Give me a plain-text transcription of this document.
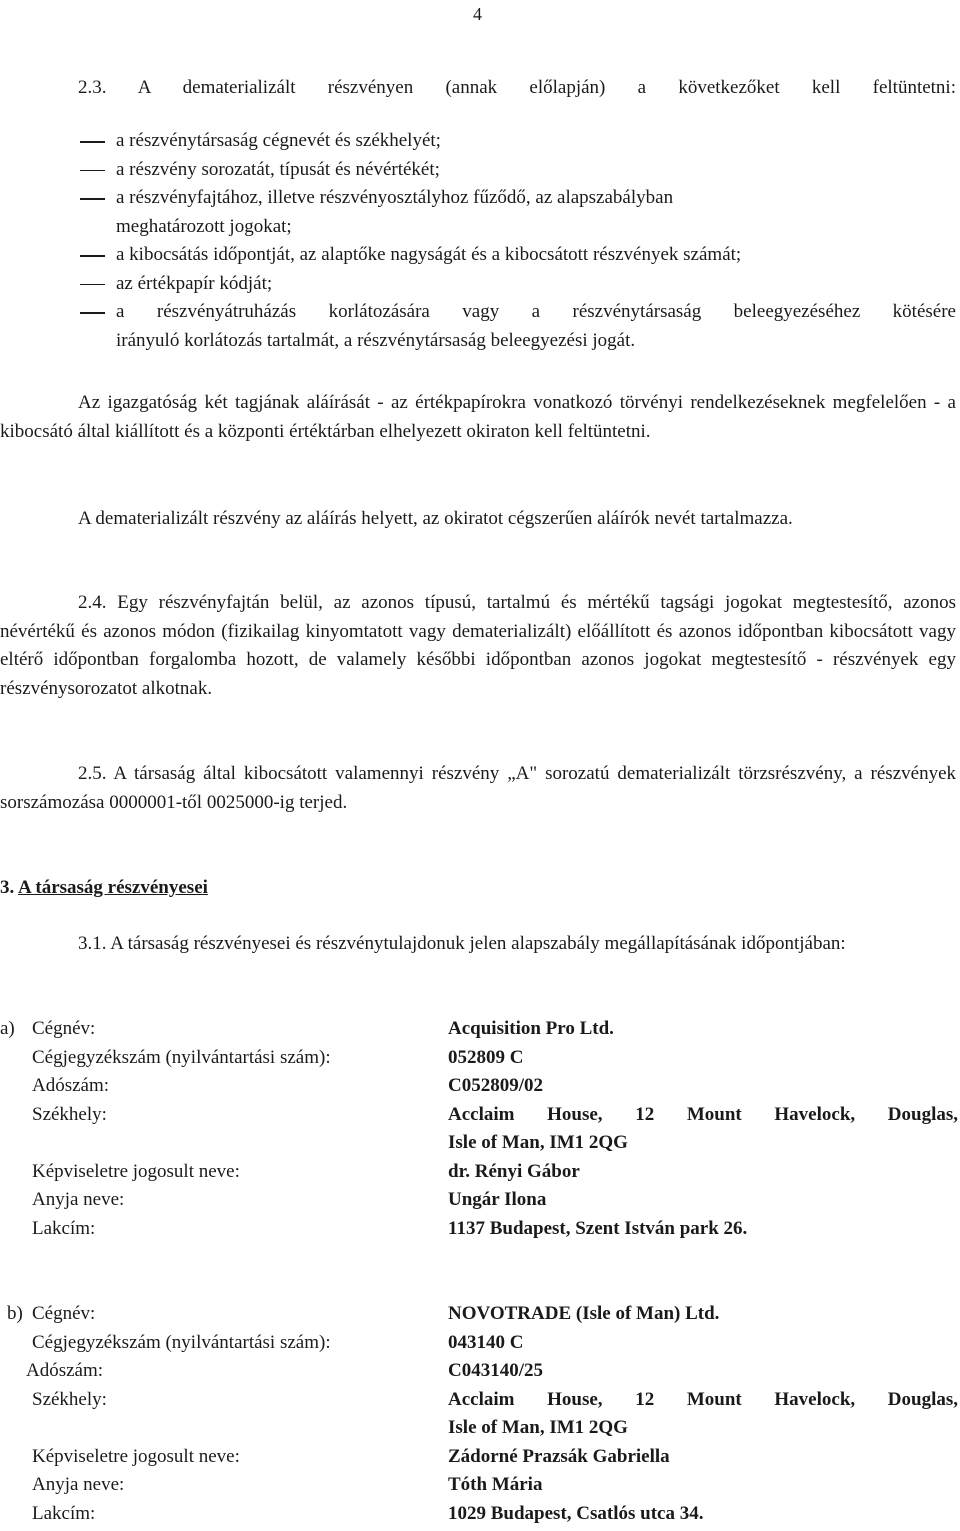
4
2.3. A dematerializált részvényen (annak előlapján) a következőket kell feltüntetni:
a részvénytársaság cégnevét és székhelyét;
a részvény sorozatát, típusát és névértékét;
a részvényfajtához, illetve részvényosztályhoz fűződő, az alapszabályban
meghatározott jogokat;
a kibocsátás időpontját, az alaptőke nagyságát és a kibocsátott részvények számát;
az értékpapír kódját;
a részvényátruházás korlátozására vagy a részvénytársaság beleegyezéséhez kötésére
irányuló korlátozás tartalmát, a részvénytársaság beleegyezési jogát.
Az igazgatóság két tagjának aláírását - az értékpapírokra vonatkozó törvényi rendelkezéseknek megfelelően - a kibocsátó által kiállított és a központi értéktárban elhelyezett okiraton kell feltüntetni.
A dematerializált részvény az aláírás helyett, az okiratot cégszerűen aláírók nevét tartalmazza.
2.4. Egy részvényfajtán belül, az azonos típusú, tartalmú és mértékű tagsági jogokat megtestesítő, azonos névértékű és azonos módon (fizikailag kinyomtatott vagy dematerializált) előállított és azonos időpontban kibocsátott vagy eltérő időpontban forgalomba hozott, de valamely későbbi időpontban azonos jogokat megtestesítő - részvények egy részvénysorozatot alkotnak.
2.5. A társaság által kibocsátott valamennyi részvény „A" sorozatú dematerializált törzsrészvény, a részvények sorszámozása 0000001-től 0025000-ig terjed.
3. A társaság részvényesei
3.1. A társaság részvényesei és részvénytulajdonuk jelen alapszabály megállapításának időpontjában:
a) Cégnév:	Acquisition Pro Ltd.
Cégjegyzékszám (nyilvántartási szám):	052809 C
Adószám:	C052809/02
Székhely:	Acclaim House, 12 Mount Havelock, Douglas,
Isle of Man, IM1 2QG
Képviseletre jogosult neve:	dr. Rényi Gábor
Anyja neve:	Ungár Ilona
Lakcím:	1137 Budapest, Szent István park 26.
b) Cégnév:	NOVOTRADE (Isle of Man) Ltd.
Cégjegyzékszám (nyilvántartási szám):	043140 C
Adószám:	C043140/25
Székhely:	Acclaim House, 12 Mount Havelock, Douglas,
Isle of Man, IM1 2QG
Képviseletre jogosult neve:	Zádorné Prazsák Gabriella
Anyja neve:	Tóth Mária
Lakcím:	1029 Budapest, Csatlós utca 34.
